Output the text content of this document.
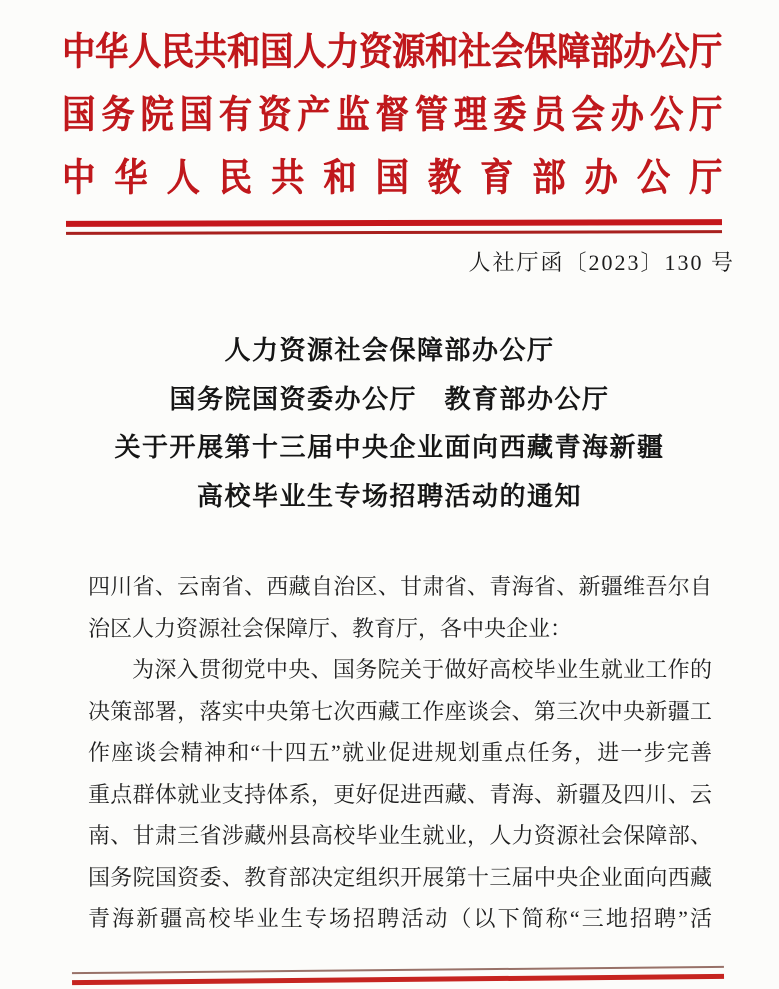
中华人民共和国人力资源和社会保障部办公厅
国务院国有资产监督管理委员会办公厅
中华人民共和国教育部办公厅
人社厅函〔2023〕130 号
人力资源社会保障部办公厅
国务院国资委办公厅　教育部办公厅
关于开展第十三届中央企业面向西藏青海新疆
高校毕业生专场招聘活动的通知
四川省、云南省、西藏自治区、甘肃省、青海省、新疆维吾尔自
治区人力资源社会保障厅、教育厅，各中央企业：
为深入贯彻党中央、国务院关于做好高校毕业生就业工作的
决策部署，落实中央第七次西藏工作座谈会、第三次中央新疆工
作座谈会精神和“十四五”就业促进规划重点任务，进一步完善
重点群体就业支持体系，更好促进西藏、青海、新疆及四川、云
南、甘肃三省涉藏州县高校毕业生就业，人力资源社会保障部、
国务院国资委、教育部决定组织开展第十三届中央企业面向西藏
青海新疆高校毕业生专场招聘活动（以下简称“三地招聘”活
